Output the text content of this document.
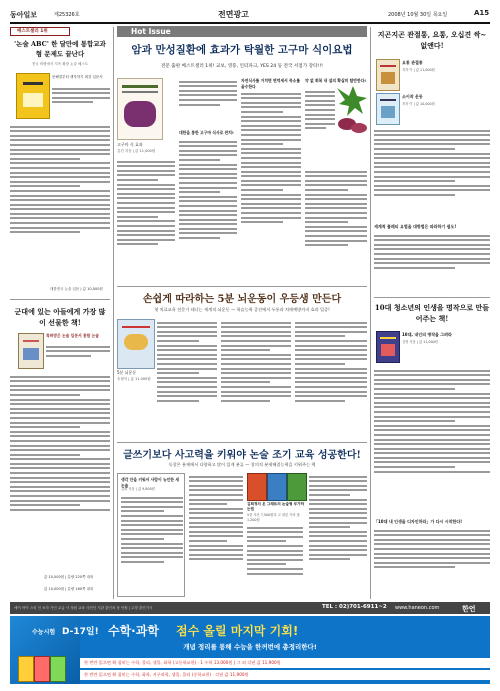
동아일보	제25326호	전면광고	2008년 10월 30일 목요일	A15
베스트셀러 1위
'논술 ABC' 한 달만에 통합교과형 문제도 끝난다
전국 비평에서 지속 확장 논술 베스트
문해결부터 생각하기 최강 입문서
대한민국 논술 입문 | 값 10,000원
군대에 있는 아들에게 가장 많이 선물한 책!
특허받은 논술 입문서 통합 논술
값 10,000원 | 분량 220쪽 내외
값 10,000원 | 분량 160쪽 내외
Hot Issue
암과 만성질환에 효과가 탁월한 고구마 식이요법
전문 출판 베스트셀러 1위! 교보, 영풍, 인터파크, YES 24 등 전국 서점가 강타!!!
고구마 식 효과
김건 지음 | 값 11,000원
대한을 통한 고구마 식사로 완치!
자연식사를 거치면 면역세서 목소를 골수한다
약 없 회복 내 설의 확실히 탈반한다!
손쉽게 따라하는 5분 뇌운동이 우등생 만든다
첫 치료교육 전문가 테너는 세계적 뇌운동 — 학습능력 증진에서 두통과 치매예방까지 효과 입증!
5분 뇌운동
송형석 | 값 11,000원
글쓰기보다 사고력을 키워야 논술 조기 교육 성공한다!
독창은 분제에서 다양하고 많이 있게 분류 — 창의적 분제해결능력을 키워주는 책
생각 안을 키워서 사람이 뉴인한 새 논술
김희 지음 | 값 9,800원
김희정의 온 그래트의 논술형 부가하는법
5천 지난 7,500원의 고 내린 가라 좋 1,200원
지곤지곤 관절통, 요통, 오십견 싹~ 없앤다!
요통 관절통
저자 이 | 값 11,000원
소이작 운동
저자 이 | 값 10,000원
세계적 플레티 요법을 대방법은 따라하기 쉽도!
10대 청소년의 인생을 명작으로 만들어주는 책!
10대, 내인의 명작을 그려라
김영 지음 | 값 11,000원
「10대 내 인생을 디자인하라」가 다시 시작한다!
에이 아이 스의 인 보자 가인 교급 사 정원 교육 사전인 기관 출인처 상 안원 | 고정 출인기시	TEL : 02)701-6911~2 www.haneon.com	한언
수능시험 D-17일! 수학·과학 점수 올릴 마지막 기회!
개념 정리를 통해 수능을 한꺼번에 총정리한다!
한 번만 읽으면 확 잡히는 수학, 물리, 생물, 화학 (고등학교편) · 1 수학 13,000원 | 그 외 각권 값 11,900원
한 번만 읽으면 확 잡히는 수학, 화학, 지구과학, 생물, 물리 (중학교편) · 각권 값 11,900원
